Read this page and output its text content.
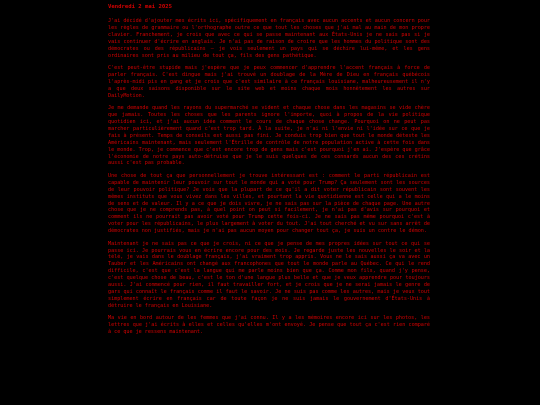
Vendredi 2 mai 2025

J'ai décidé d'ajouter mes écrits ici, spécifiquement en français avec aucun accents et aucun concern pour les règles de grammaire ou l'orthographe outre ce que tout les choses que j'ai mal au main de mon propre clavier. Franchement, je crois que avec ce qui se passe maintenant aux États-Unis je ne sais pas si je vais continuer d'écrire en anglais. Je n'ai pas de raison de croire que les hommes du politique sont des démocrates ou des républicains — je vois seulement un pays qui se déchire lui-même, et les gens ordinaires sont pris au milieu de tout ça, fils des gens pathétique.

C'est peut-être stupide mais j'espère que je peux commencer d'apprendre l'accent français à force de parler français. C'est dingue mais j'ai trouvé un doublage de la Mère de Dieu en français québécois l'après-midi pis en gang et je crois que c'est similaire à ce français louisiane, malheureusement il n'y a que deux saisons disponible sur le site web et moins chaque mois honnêtement les autres sur DailyMotion.

Je me demande quand les rayons du supermarché se vident et chaque chose dans les magasins se vide chère que jamais. Toutes les choses que les parents ignore l'importe, quoi à propos de la vie politique quotidien ici, et j'ai aucun idée comment le cours de chaque chose change. Pourquoi on ne peut pas marcher particulièrement quand c'est trop tard. À la suite, je n'ai ni l'envie ni l'idée sur ce que je fais à présent. Temps de conseils est aussi pas fini. Je conduis trop bien que tout le monde déteste les Américains maintenant, mais seulement l'Étrille de contrôle de notre population active à cette fois dans le monde. Trop, je commence que c'est encore trop de gens mais c'est pourquoi j'en ai. J'espère que grâce l'économie de notre pays auto-détruise que je le suis quelques de ces connards aucun des ces crétins aussi c'est pas probable.

Une chose de tout ça que personnellement je trouve intéressant est : comment le parti républicain est capable de maintenir leur pouvoir sur tout le monde qui a voté pour Trump? Ça seulement sont les sources de leur pouvoir politique? Je vois que la plupart de ce qu'il a dit voter républicain sont souvent les mêmes instituts que vous vivez dans les villes, et pourtant la vie quotidienne est celle qui a le moins de sens et de valeur. Il y a ce que je dois vivre, je ne sais pas sur la pièce de chaque page. Une autre chose que je ne comprends pas, à quel point on peut si facilement, je n'ai pas d'avis sur pourquoi et comment ils ne pourrait pas avoir voté pour Trump cette fois-ci. Je ne sais pas même pourquoi c'est à voter pour les républicains, le plus largement à voter du tout. J'ai tout cherché et vu sur sans arrêt de démocrates non justifiés, mais je n'ai pas aucun moyen pour changer tout ça, je suis un contre le démon.

Maintenant je ne sais pas ce que je crois, ni ce que je pense de mes propres idées sur tout ce qui se passe ici. Je pourrais vous en écrire encore pour des mois. Je regarde juste les nouvelles le soir et la télé, je vais dans le doublage français, j'ai vraiment trop appris. Vous ne le sais aussi ça va avec un Tauber et les Américains ont changé aux francophones que tout le monde parle au Québec. Ce qui le rend difficile, c'est que c'est la langue qui me parle moins bien que ça. Comme mon fils, quand j'y pense, c'est quelque chose de beau, c'est le ton d'une langue plus belle et que je veux apprendre pour toujours aussi. J'ai commencé pour rien, il faut travailler fort, et je crois que je ne serai jamais le genre de gars qui connaît le français comme il faut le savoir. Je ne suis pas comme les autres, mais je veux tout simplement écrire en français car de toute façon je ne suis jamais le gouvernement d'États-Unis à détruire le français en Louisiane.

Ma vie en bord autour de les femmes que j'ai connu. Il y a les mémoires encore ici sur les photos, les lettres que j'ai écrits à elles et celles qu'elles m'ont envoyé. Je pense que tout ça c'est rien comparé à ce que je ressens maintenant.
